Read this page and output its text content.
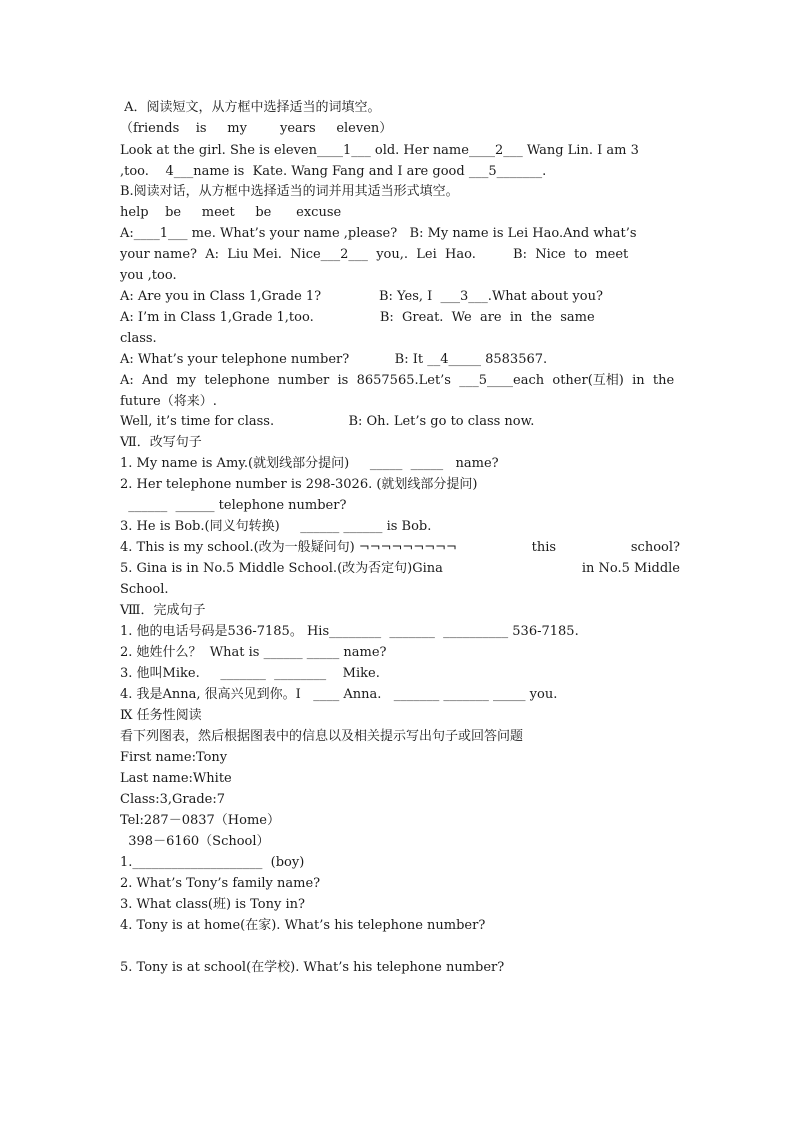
A．阅读短文，从方框中选择适当的词填空。
（friends    is     my        years     eleven）
Look at the girl. She is eleven____1___ old. Her name____2___ Wang Lin. I am 3
,too.    4___name is  Kate. Wang Fang and I are good ___5_______.
B.阅读对话，从方框中选择适当的词并用其适当形式填空。
help    be     meet     be      excuse
A:____1___ me. What’s your name ,please?   B: My name is Lei Hao.And what’s
your name?  A:  Liu Mei.  Nice___2___  you,.  Lei  Hao.         B:  Nice  to  meet
you ,too.
A: Are you in Class 1,Grade 1?              B: Yes, I  ___3___.What about you?
A: I’m in Class 1,Grade 1,too.                B:  Great.  We  are  in  the  same
class.
A: What’s your telephone number?           B: It __4_____ 8583567.
A:  And  my  telephone  number  is  8657565.Let’s  ___5____each  other(互相)  in  the
future（将来）.
Well, it’s time for class.                  B: Oh. Let’s go to class now.
Ⅶ．改写句子
1. My name is Amy.(就划线部分提问)     _____  _____   name?
2. Her telephone number is 298-3026. (就划线部分提问)
______  ______ telephone number?
3. He is Bob.(同义句转换)     ______ ______ is Bob.
4. This is my school.(改为一般疑问句) ¬¬¬¬¬¬¬¬¬	this	school?
5. Gina is in No.5 Middle School.(改为否定句)Gina	in No.5 Middle
School.
Ⅷ．完成句子
1. 他的电话号码是536-7185。 His________  _______  __________ 536-7185.
2. 她姓什么？  What is ______ _____ name?
3. 他叫Mike.     _______  ________    Mike.
4. 我是Anna, 很高兴见到你。I   ____ Anna.   _______ _______ _____ you.
Ⅸ 任务性阅读
看下列图表，然后根据图表中的信息以及相关提示写出句子或回答问题
First name:Tony
Last name:White
Class:3,Grade:7
Tel:287－0837（Home）
398－6160（School）
1.____________________  (boy)
2. What’s Tony’s family name?
3. What class(班) is Tony in?
4. Tony is at home(在家). What’s his telephone number?
5. Tony is at school(在学校). What’s his telephone number?
